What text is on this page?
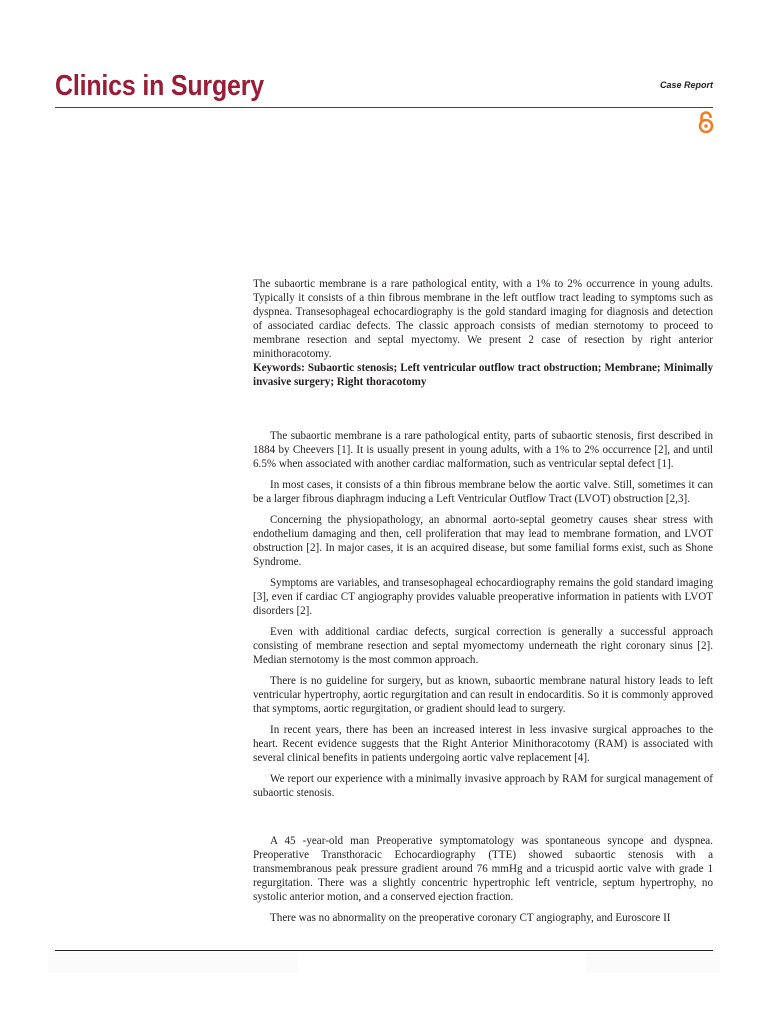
Clinics in Surgery	Case Report

The subaortic membrane is a rare pathological entity, with a 1% to 2% occurrence in young adults. Typically it consists of a thin fibrous membrane in the left outflow tract leading to symptoms such as dyspnea. Transesophageal echocardiography is the gold standard imaging for diagnosis and detection of associated cardiac defects. The classic approach consists of median sternotomy to proceed to membrane resection and septal myectomy. We present 2 case of resection by right anterior minithoracotomy.

Keywords: Subaortic stenosis; Left ventricular outflow tract obstruction; Membrane; Minimally invasive surgery; Right thoracotomy

The subaortic membrane is a rare pathological entity, parts of subaortic stenosis, first described in 1884 by Cheevers [1]. It is usually present in young adults, with a 1% to 2% occurrence [2], and until 6.5% when associated with another cardiac malformation, such as ventricular septal defect [1].

In most cases, it consists of a thin fibrous membrane below the aortic valve. Still, sometimes it can be a larger fibrous diaphragm inducing a Left Ventricular Outflow Tract (LVOT) obstruction [2,3].

Concerning the physiopathology, an abnormal aorto-septal geometry causes shear stress with endothelium damaging and then, cell proliferation that may lead to membrane formation, and LVOT obstruction [2]. In major cases, it is an acquired disease, but some familial forms exist, such as Shone Syndrome.

Symptoms are variables, and transesophageal echocardiography remains the gold standard imaging [3], even if cardiac CT angiography provides valuable preoperative information in patients with LVOT disorders [2].

Even with additional cardiac defects, surgical correction is generally a successful approach consisting of membrane resection and septal myomectomy underneath the right coronary sinus [2]. Median sternotomy is the most common approach.

There is no guideline for surgery, but as known, subaortic membrane natural history leads to left ventricular hypertrophy, aortic regurgitation and can result in endocarditis. So it is commonly approved that symptoms, aortic regurgitation, or gradient should lead to surgery.

In recent years, there has been an increased interest in less invasive surgical approaches to the heart. Recent evidence suggests that the Right Anterior Minithoracotomy (RAM) is associated with several clinical benefits in patients undergoing aortic valve replacement [4].

We report our experience with a minimally invasive approach by RAM for surgical management of subaortic stenosis.

A 45 -year-old man Preoperative symptomatology was spontaneous syncope and dyspnea. Preoperative Transthoracic Echocardiography (TTE) showed subaortic stenosis with a transmembranous peak pressure gradient around 76 mmHg and a tricuspid aortic valve with grade 1 regurgitation. There was a slightly concentric hypertrophic left ventricle, septum hypertrophy, no systolic anterior motion, and a conserved ejection fraction.

There was no abnormality on the preoperative coronary CT angiography, and Euroscore II
